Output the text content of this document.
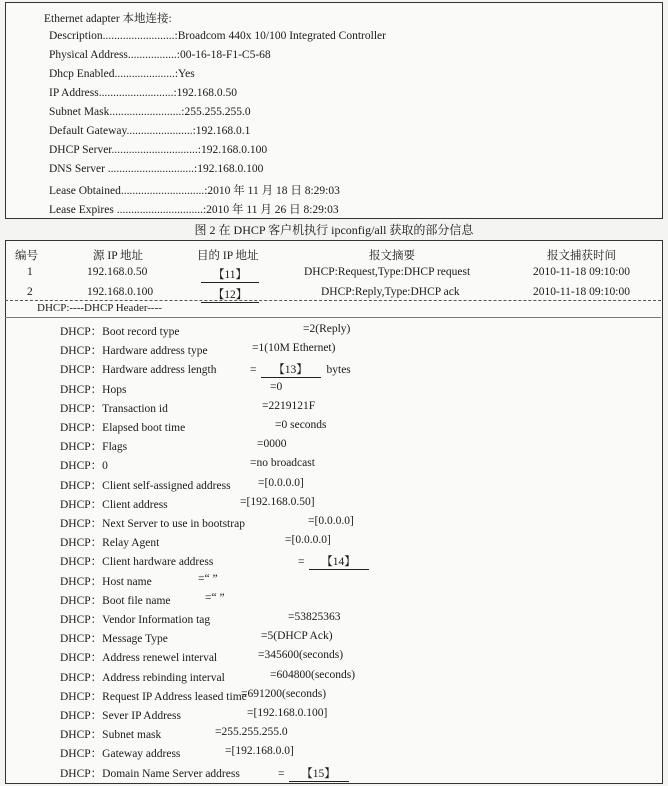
Ethernet adapter 本地连接:
Description.........................:Broadcom 440x 10/100 Integrated Controller
Physical Address.................:00-16-18-F1-C5-68
Dhcp Enabled.....................:Yes
IP Address..........................:192.168.0.50
Subnet Mask.........................:255.255.255.0
Default Gateway.......................:192.168.0.1
DHCP Server..............................:192.168.0.100
DNS Server ..............................:192.168.0.100
Lease Obtained.............................:2010 年 11 月 18 日 8:29:03
Lease Expires ..............................:2010 年 11 月 26 日 8:29:03
图 2 在 DHCP 客户机执行 ipconfig/all 获取的部分信息
编号	源 IP 地址	目的 IP 地址	报文摘要	报文捕获时间
1	192.168.0.50	【11】	DHCP:Request,Type:DHCP request	2010-11-18 09:10:00
2	192.168.0.100	【12】	DHCP:Reply,Type:DHCP ack	2010-11-18 09:10:00
DHCP:----DHCP Header----
DHCP：Boot record type	=2(Reply)
DHCP：Hardware address type	=1(10M Ethernet)
DHCP：Hardware address length	= 【13】 bytes
DHCP：Hops	=0
DHCP：Transaction id	=2219121F
DHCP：Elapsed boot time	=0 seconds
DHCP：Flags	=0000
DHCP：0	=no broadcast
DHCP：Client self-assigned address =[0.0.0.0]
DHCP：Client address	=[192.168.0.50]
DHCP：Next Server to use in bootstrap	=[0.0.0.0]
DHCP：Relay Agent	=[0.0.0.0]
DHCP：Client hardware address	= 【14】
DHCP：Host name	=“ ”
DHCP：Boot file name	=“ ”
DHCP：Vendor Information tag	=53825363
DHCP：Message Type	=5(DHCP Ack)
DHCP：Address renewel interval	=345600(seconds)
DHCP：Address rebinding interval	=604800(seconds)
DHCP：Request IP Address leased time
=691200(seconds)
DHCP：Sever IP Address	=[192.168.0.100]
DHCP：Subnet mask	=255.255.255.0
DHCP：Gateway address	=[192.168.0.0]
DHCP：Domain Name Server address	= 【15】
